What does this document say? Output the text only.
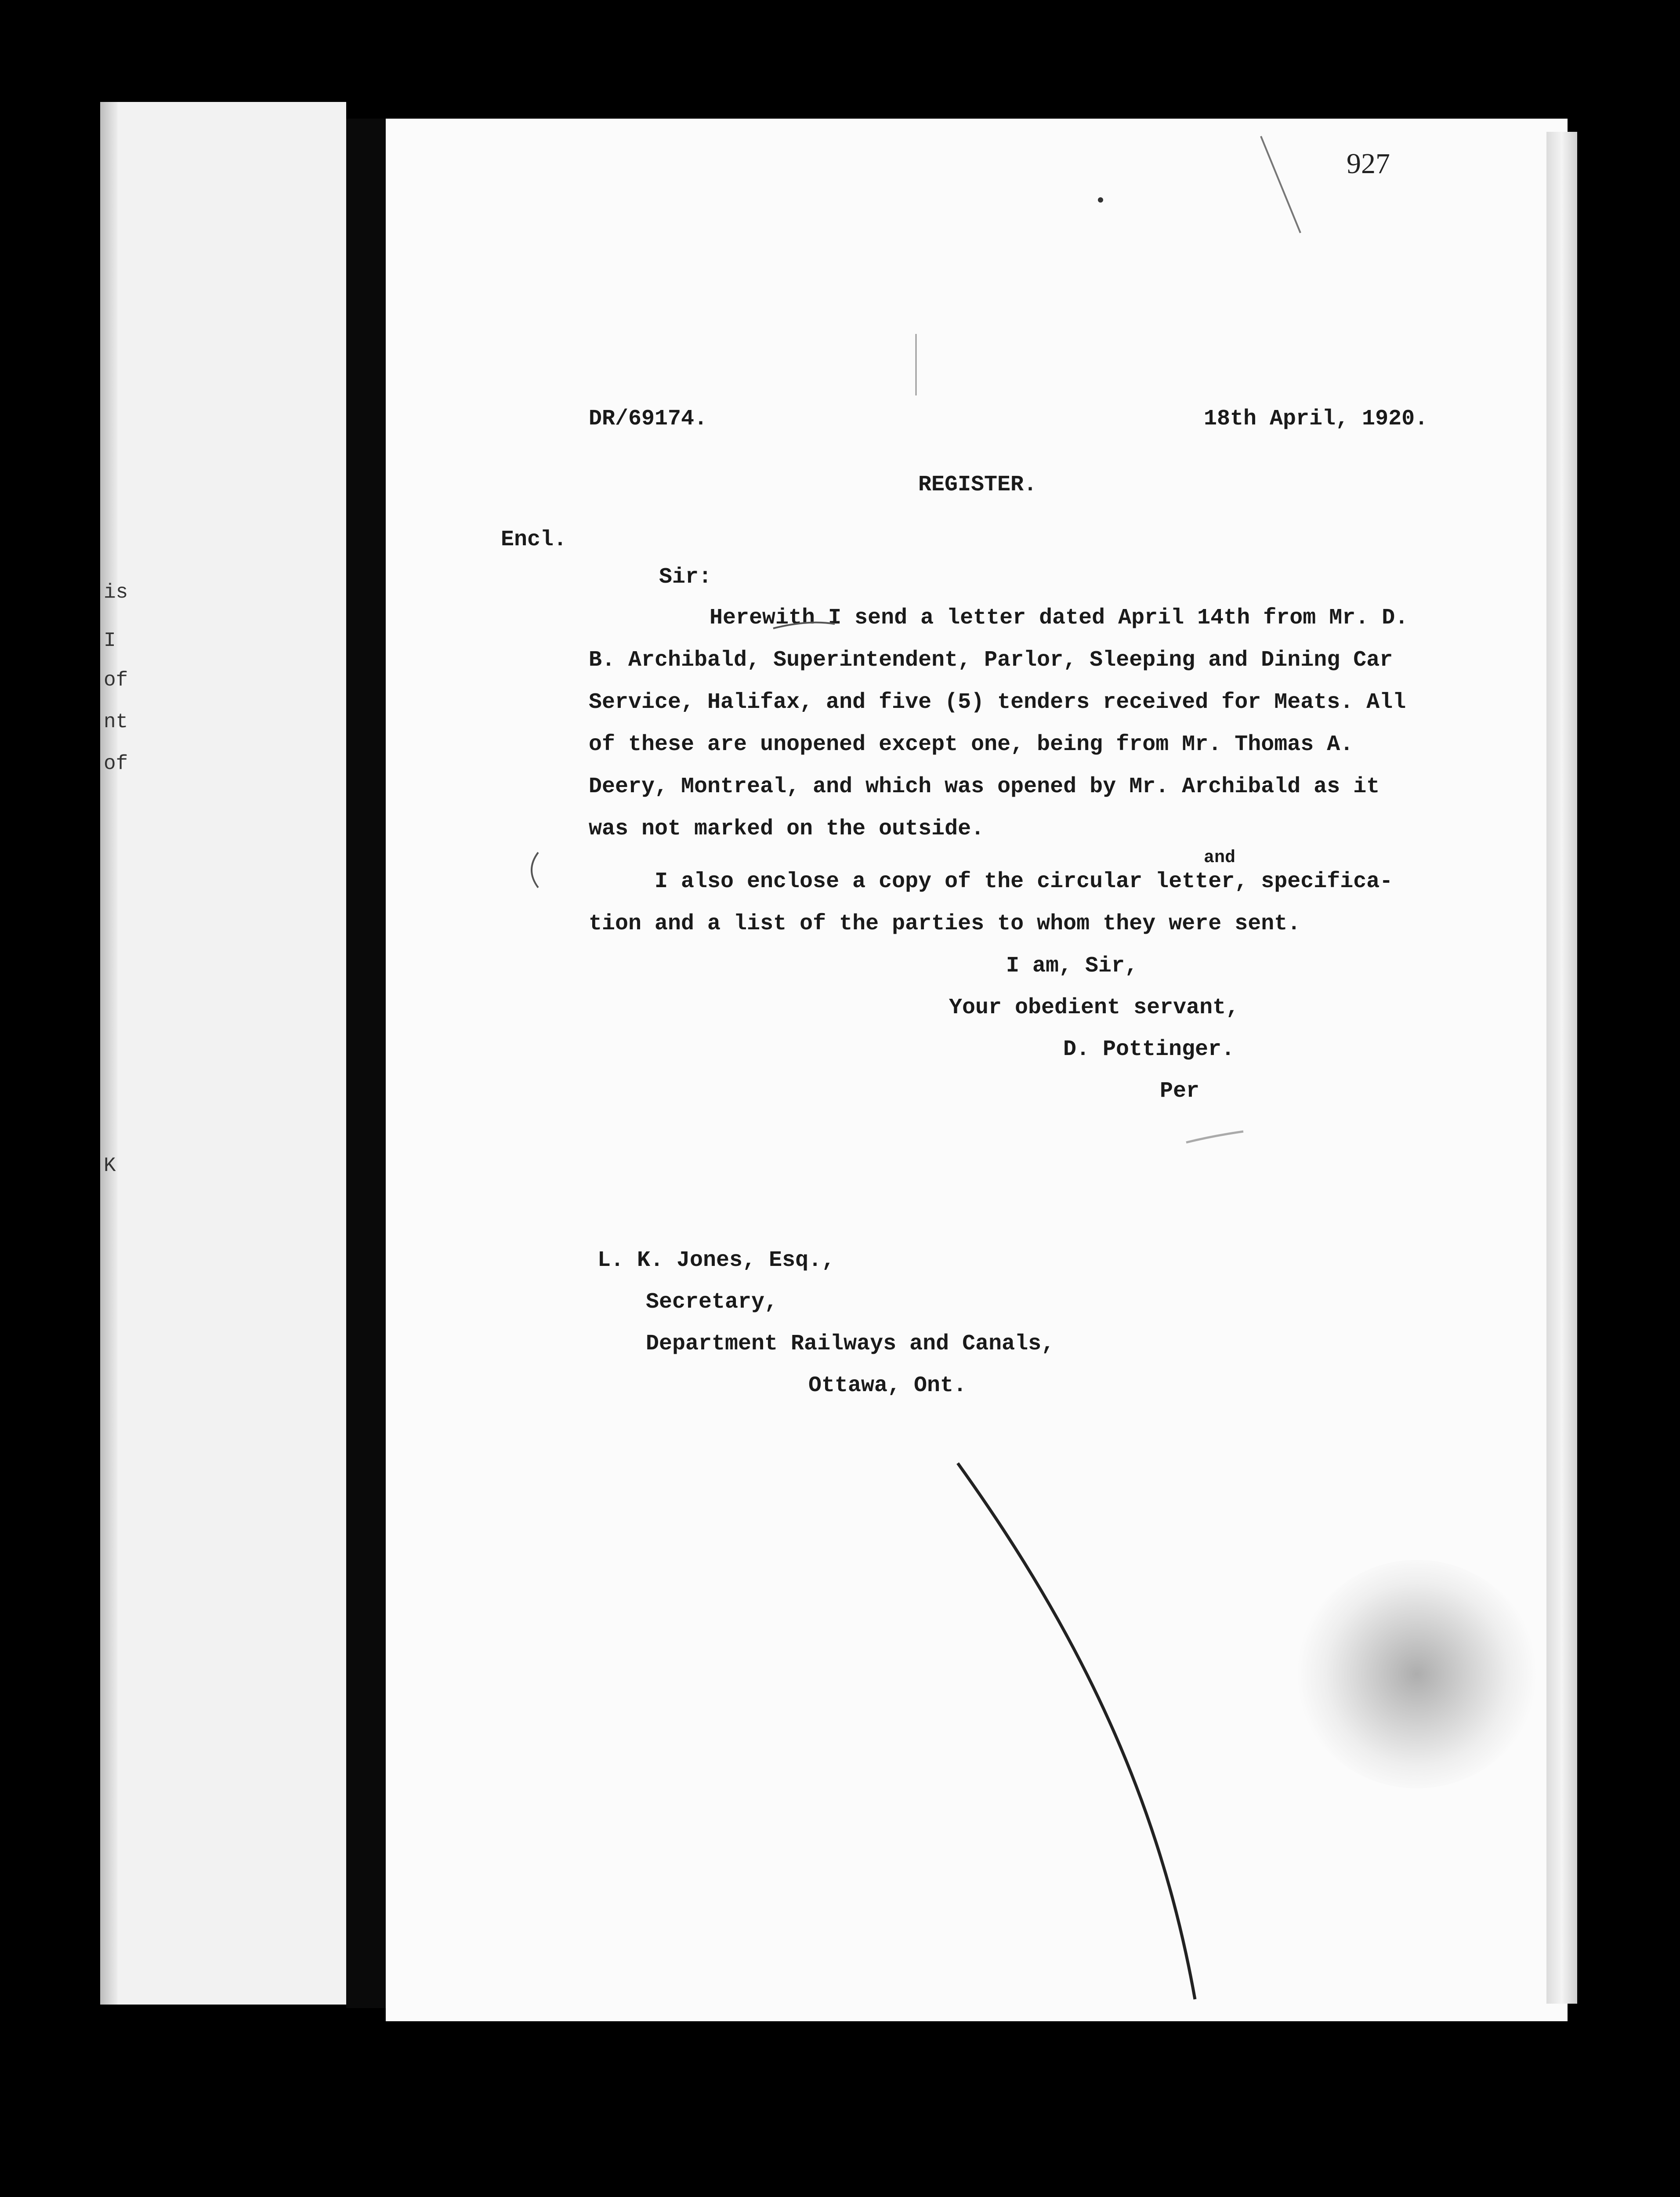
is
I
of
nt
of
K
927
DR/69174.	18th April, 1920.
REGISTER.
Encl.
Sir:
Herewith I send a letter dated April 14th from Mr. D.
B. Archibald, Superintendent, Parlor, Sleeping and Dining Car
Service, Halifax, and five (5) tenders received for Meats. All
of these are unopened except one, being from Mr. Thomas A.
Deery, Montreal, and which was opened by Mr. Archibald as it
was not marked on the outside.
and
I also enclose a copy of the circular letter, specifica-
tion and a list of the parties to whom they were sent.
I am, Sir,
Your obedient servant,
D. Pottinger.
Per
L. K. Jones, Esq.,
Secretary,
Department Railways and Canals,
Ottawa, Ont.
